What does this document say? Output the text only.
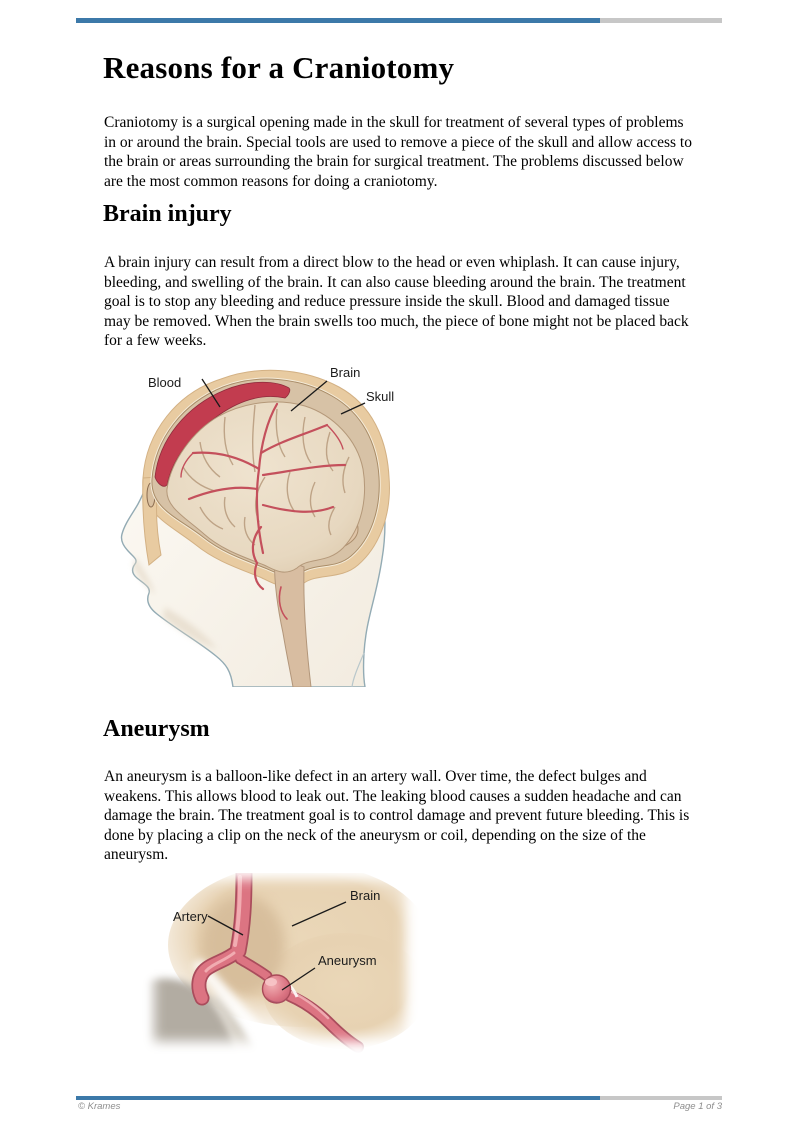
Reasons for a Craniotomy

Craniotomy is a surgical opening made in the skull for treatment of several types of problems in or around the brain. Special tools are used to remove a piece of the skull and allow access to the brain or areas surrounding the brain for surgical treatment. The problems discussed below are the most common reasons for doing a craniotomy.

Brain injury

A brain injury can result from a direct blow to the head or even whiplash. It can cause injury, bleeding, and swelling of the brain. It can also cause bleeding around the brain. The treatment goal is to stop any bleeding and reduce pressure inside the skull. Blood and damaged tissue may be removed. When the brain swells too much, the piece of bone might not be placed back for a few weeks.

Blood
Brain
Skull
Aneurysm

An aneurysm is a balloon-like defect in an artery wall. Over time, the defect bulges and weakens. This allows blood to leak out. The leaking blood causes a sudden headache and can damage the brain. The treatment goal is to control damage and prevent future bleeding. This is done by placing a clip on the neck of the aneurysm or coil, depending on the size of the aneurysm.

Artery
Brain
Aneurysm
© Krames	Page 1 of 3
